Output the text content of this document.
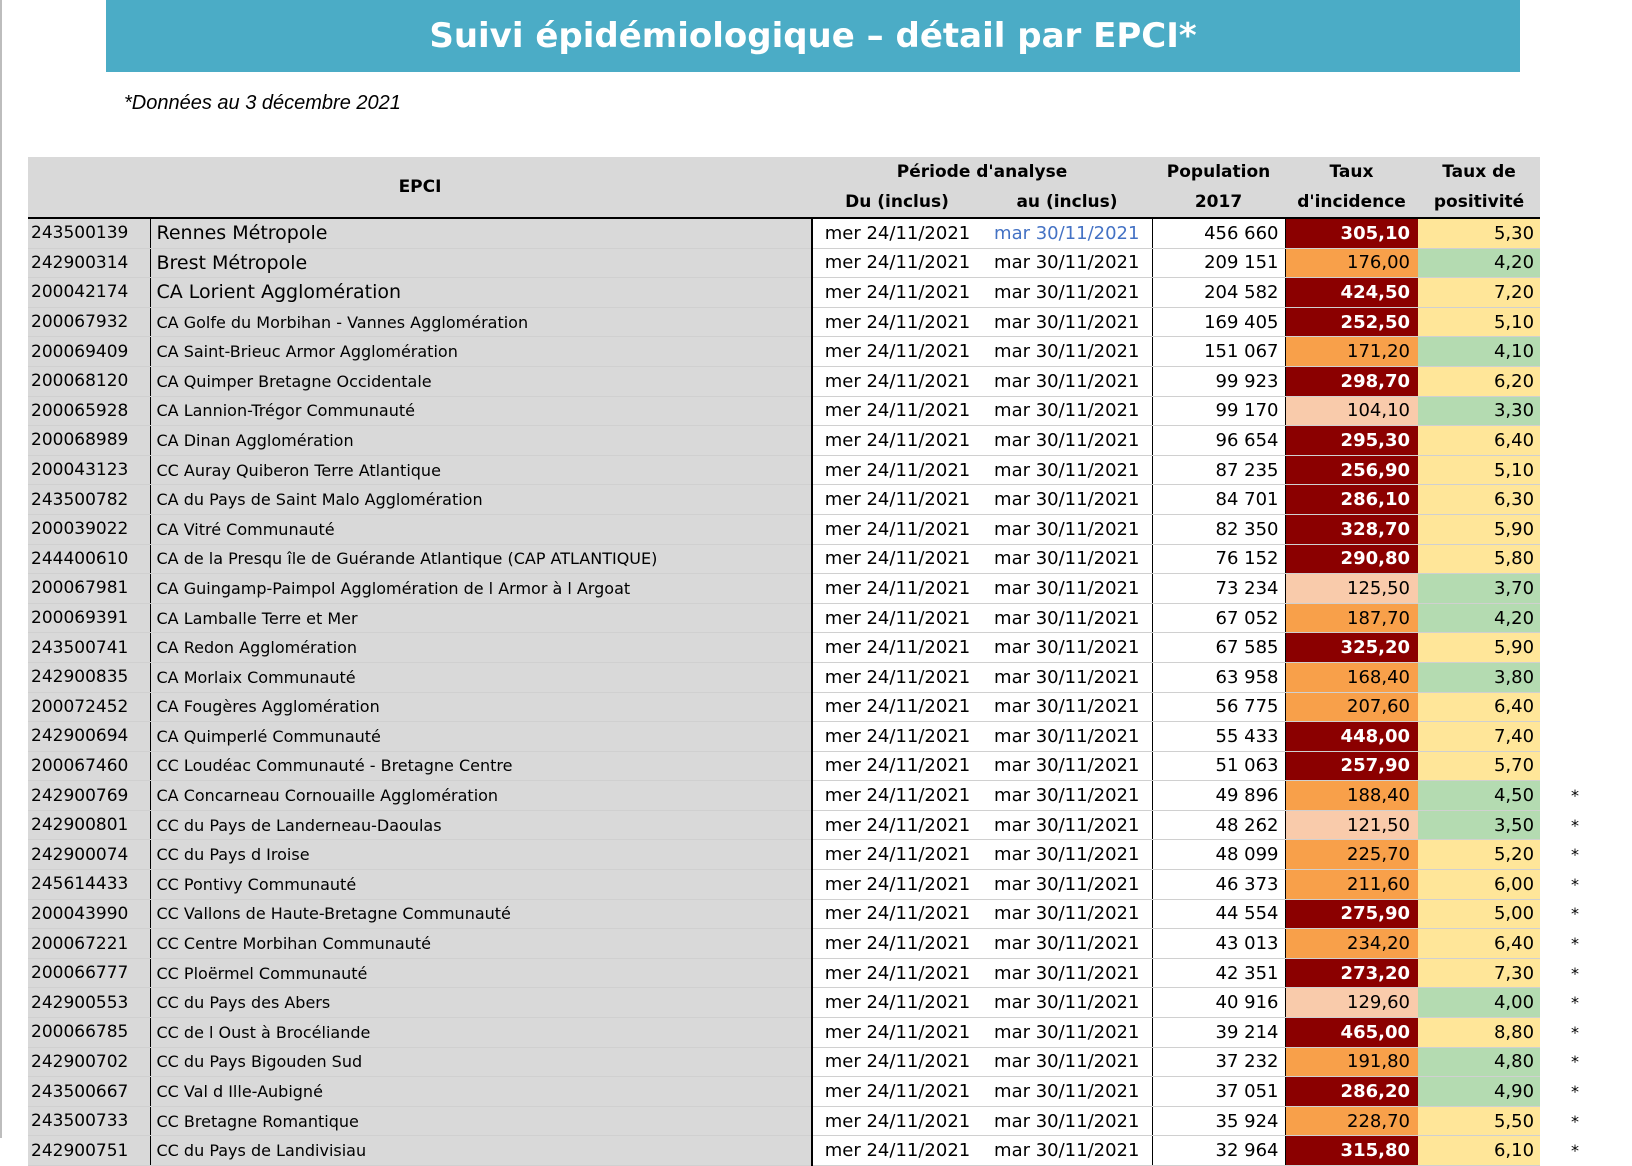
Suivi épidémiologique – détail par EPCI*
*Données au 3 décembre 2021
EPCI		Période d'analyse		Population	Taux	Taux de	
		Du (inclus)	au (inclus)	2017	d'incidence	positivité	
243500139	Rennes Métropole	mer 24/11/2021	mar 30/11/2021	456 660	305,10	5,30	
242900314	Brest Métropole	mer 24/11/2021	mar 30/11/2021	209 151	176,00	4,20	
200042174	CA Lorient Agglomération	mer 24/11/2021	mar 30/11/2021	204 582	424,50	7,20	
200067932	CA Golfe du Morbihan - Vannes Agglomération	mer 24/11/2021	mar 30/11/2021	169 405	252,50	5,10	
200069409	CA Saint-Brieuc Armor Agglomération	mer 24/11/2021	mar 30/11/2021	151 067	171,20	4,10	
200068120	CA Quimper Bretagne Occidentale	mer 24/11/2021	mar 30/11/2021	99 923	298,70	6,20	
200065928	CA Lannion-Trégor Communauté	mer 24/11/2021	mar 30/11/2021	99 170	104,10	3,30	
200068989	CA Dinan Agglomération	mer 24/11/2021	mar 30/11/2021	96 654	295,30	6,40	
200043123	CC Auray Quiberon Terre Atlantique	mer 24/11/2021	mar 30/11/2021	87 235	256,90	5,10	
243500782	CA du Pays de Saint Malo Agglomération	mer 24/11/2021	mar 30/11/2021	84 701	286,10	6,30	
200039022	CA Vitré Communauté	mer 24/11/2021	mar 30/11/2021	82 350	328,70	5,90	
244400610	CA de la Presqu île de Guérande Atlantique (CAP ATLANTIQUE)	mer 24/11/2021	mar 30/11/2021	76 152	290,80	5,80	
200067981	CA Guingamp-Paimpol Agglomération de l Armor à l Argoat	mer 24/11/2021	mar 30/11/2021	73 234	125,50	3,70	
200069391	CA Lamballe Terre et Mer	mer 24/11/2021	mar 30/11/2021	67 052	187,70	4,20	
243500741	CA Redon Agglomération	mer 24/11/2021	mar 30/11/2021	67 585	325,20	5,90	
242900835	CA Morlaix Communauté	mer 24/11/2021	mar 30/11/2021	63 958	168,40	3,80	
200072452	CA Fougères Agglomération	mer 24/11/2021	mar 30/11/2021	56 775	207,60	6,40	
242900694	CA Quimperlé Communauté	mer 24/11/2021	mar 30/11/2021	55 433	448,00	7,40	
200067460	CC Loudéac Communauté - Bretagne Centre	mer 24/11/2021	mar 30/11/2021	51 063	257,90	5,70	
242900769	CA Concarneau Cornouaille Agglomération	mer 24/11/2021	mar 30/11/2021	49 896	188,40	4,50	*
242900801	CC du Pays de Landerneau-Daoulas	mer 24/11/2021	mar 30/11/2021	48 262	121,50	3,50	*
242900074	CC du Pays d Iroise	mer 24/11/2021	mar 30/11/2021	48 099	225,70	5,20	*
245614433	CC Pontivy Communauté	mer 24/11/2021	mar 30/11/2021	46 373	211,60	6,00	*
200043990	CC Vallons de Haute-Bretagne Communauté	mer 24/11/2021	mar 30/11/2021	44 554	275,90	5,00	*
200067221	CC Centre Morbihan Communauté	mer 24/11/2021	mar 30/11/2021	43 013	234,20	6,40	*
200066777	CC Ploërmel Communauté	mer 24/11/2021	mar 30/11/2021	42 351	273,20	7,30	*
242900553	CC du Pays des Abers	mer 24/11/2021	mar 30/11/2021	40 916	129,60	4,00	*
200066785	CC de l Oust à Brocéliande	mer 24/11/2021	mar 30/11/2021	39 214	465,00	8,80	*
242900702	CC du Pays Bigouden Sud	mer 24/11/2021	mar 30/11/2021	37 232	191,80	4,80	*
243500667	CC Val d Ille-Aubigné	mer 24/11/2021	mar 30/11/2021	37 051	286,20	4,90	*
243500733	CC Bretagne Romantique	mer 24/11/2021	mar 30/11/2021	35 924	228,70	5,50	*
242900751	CC du Pays de Landivisiau	mer 24/11/2021	mar 30/11/2021	32 964	315,80	6,10	*
